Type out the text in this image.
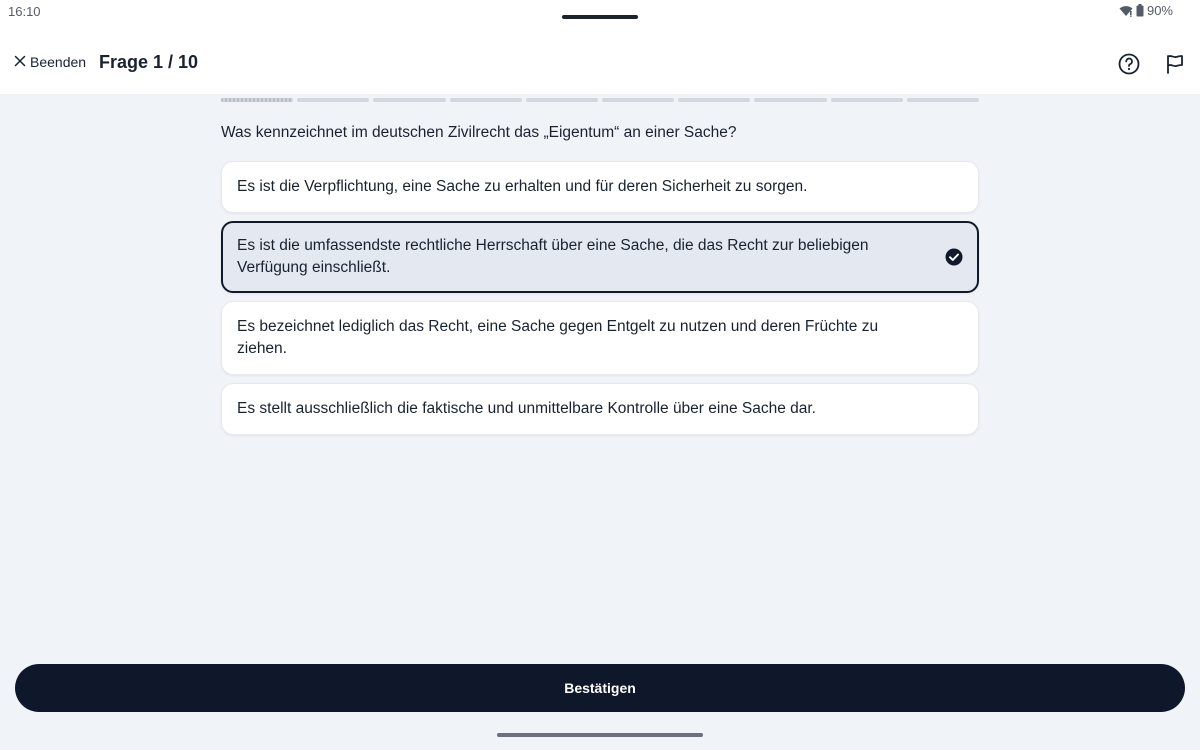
16:10	90%
Beenden Frage 1 / 10
Was kennzeichnet im deutschen Zivilrecht das „Eigentum“ an einer Sache?
Es ist die Verpflichtung, eine Sache zu erhalten und für deren Sicherheit zu sorgen.
Es ist die umfassendste rechtliche Herrschaft über eine Sache, die das Recht zur beliebigen Verfügung einschließt.
Es bezeichnet lediglich das Recht, eine Sache gegen Entgelt zu nutzen und deren Früchte zu ziehen.
Es stellt ausschließlich die faktische und unmittelbare Kontrolle über eine Sache dar.
Bestätigen
